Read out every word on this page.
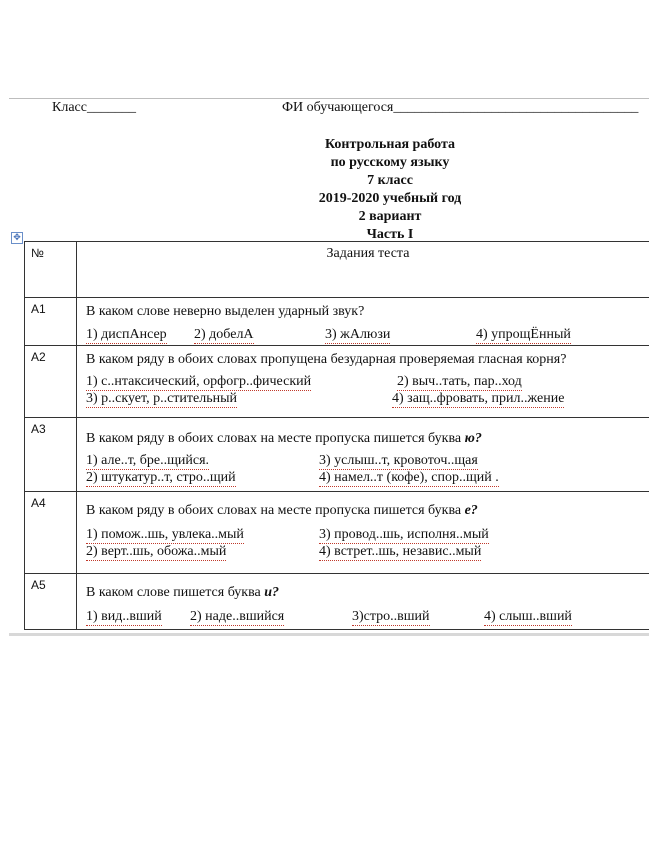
Класс_______	ФИ обучающегося___________________________________
Контрольная работа
по русскому языку
7 класс
2019-2020 учебный год
2 вариант
Часть I
✥
№	Задания теста

А1	В каком слове неверно выделен ударный звук?
1) диспАнсер 2) добелА 3) жАлюзи 4) упрощЁнный

А2	В каком ряду в обоих словах пропущена безударная проверяемая гласная корня?
1) с..нтаксический, орфогр..фический 2) выч..тать, пар..ход
3) р..скует, р..стительный 4) защ..фровать, прил..жение

А3	В каком ряду в обоих словах на месте пропуска пишется буква ю?
1) але..т, бре..щийся. 3) услыш..т, кровоточ..щая
2) штукатур..т, стро..щий 4) намел..т (кофе), спор..щий .

А4	В каком ряду в обоих словах на месте пропуска пишется буква е?
1) помож..шь, увлека..мый 3) провод..шь, исполня..мый
2) верт..шь, обожа..мый 4) встрет..шь, независ..мый

А5	В каком слове пишется буква и?
1) вид..вший 2) наде..вшийся 3)стро..вший 4) слыш..вший
